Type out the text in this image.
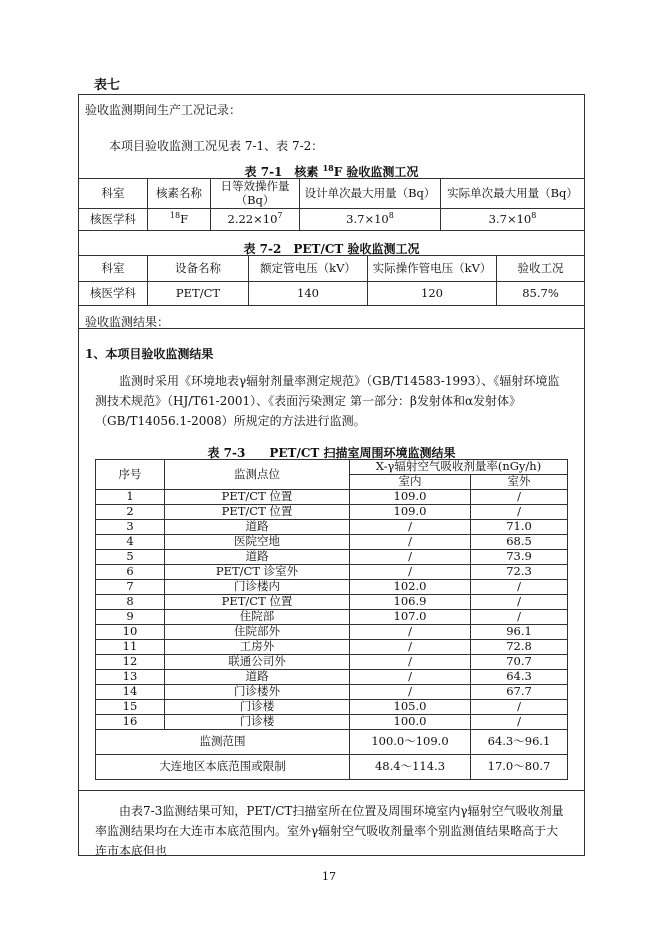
表七
验收监测期间生产工况记录：
本项目验收监测工况见表 7-1、表 7-2：
表 7-1　核素 $^{18}$F 验收监测工况
科室	核素名称	日等效操作量（Bq）	设计单次最大用量（Bq）	实际单次最大用量（Bq）
核医学科	$^{18}$F	$2.22\times 10^7$	$3.7\times 10^8$	$3.7\times 10^8$
表 7-2　PET/CT 验收监测工况
科室	设备名称	额定管电压（kV）	实际操作管电压（kV）	验收工况
核医学科	PET/CT	140	120	85.7%
验收监测结果：
1、本项目验收监测结果
监测时采用《环境地表γ辐射剂量率测定规范》（GB/T14583-1993）、《辐射环境监测技术规范》（HJ/T61-2001）、《表面污染测定 第一部分：β发射体和α发射体》（GB/T14056.1-2008）所规定的方法进行监测。
表 7-3　　PET/CT 扫描室周围环境监测结果
序号	监测点位	X-γ辐射空气吸收剂量率(nGy/h)	
		室内	室外
1	PET/CT 位置	109.0	/
2	PET/CT 位置	109.0	/
3	道路	/	71.0
4	医院空地	/	68.5
5	道路	/	73.9
6	PET/CT 诊室外	/	72.3
7	门诊楼内	102.0	/
8	PET/CT 位置	106.9	/
9	住院部	107.0	/
10	住院部外	/	96.1
11	工房外	/	72.8
12	联通公司外	/	70.7
13	道路	/	64.3
14	门诊楼外	/	67.7
15	门诊楼	105.0	/
16	门诊楼	100.0	/
监测范围		100.0～109.0	64.3～96.1
大连地区本底范围或限制		48.4～114.3	17.0～80.7
由表7-3监测结果可知，PET/CT扫描室所在位置及周围环境室内γ辐射空气吸收剂量率监测结果均在大连市本底范围内。室外γ辐射空气吸收剂量率个别监测值结果略高于大连市本底但也
17
